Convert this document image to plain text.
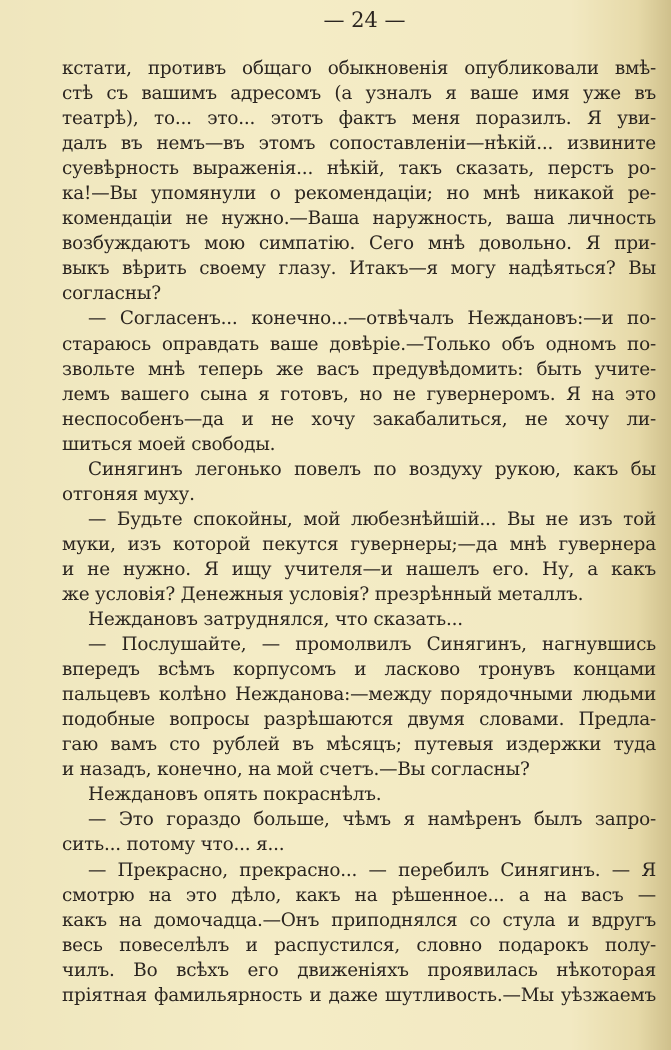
— 24 —
кстати, противъ общаго обыкновенія опубликовали вмѣ-
стѣ съ вашимъ адресомъ (а узналъ я ваше имя уже въ
театрѣ), то... это... этотъ фактъ меня поразилъ. Я уви-
далъ въ немъ—въ этомъ сопоставленіи—нѣкій... извините
суевѣрность выраженія... нѣкій, такъ сказать, перстъ ро-
ка!—Вы упомянули о рекомендаціи; но мнѣ никакой ре-
комендаціи не нужно.—Ваша наружность, ваша личность
возбуждаютъ мою симпатію. Сего мнѣ довольно. Я при-
выкъ вѣрить своему глазу. Итакъ—я могу надѣяться? Вы
согласны?
— Согласенъ... конечно...—отвѣчалъ Неждановъ:—и по-
стараюсь оправдать ваше довѣріе.—Только объ одномъ по-
звольте мнѣ теперь же васъ предувѣдомить: быть учите-
лемъ вашего сына я готовъ, но не гувернеромъ. Я на это
неспособенъ—да и не хочу закабалиться, не хочу ли-
шиться моей свободы.
Синягинъ легонько повелъ по воздуху рукою, какъ бы
отгоняя муху.
— Будьте спокойны, мой любезнѣйшій... Вы не изъ той
муки, изъ которой пекутся гувернеры;—да мнѣ гувернера
и не нужно. Я ищу учителя—и нашелъ его. Ну, а какъ
же условія? Денежныя условія? презрѣнный металлъ.
Неждановъ затруднялся, что сказать...
— Послушайте, — промолвилъ Синягинъ, нагнувшись
впередъ всѣмъ корпусомъ и ласково тронувъ концами
пальцевъ колѣно Нежданова:—между порядочными людьми
подобные вопросы разрѣшаются двумя словами. Предла-
гаю вамъ сто рублей въ мѣсяцъ; путевыя издержки туда
и назадъ, конечно, на мой счетъ.—Вы согласны?
Неждановъ опять покраснѣлъ.
— Это гораздо больше, чѣмъ я намѣренъ былъ запро-
сить... потому что... я...
— Прекрасно, прекрасно... — перебилъ Синягинъ. — Я
смотрю на это дѣло, какъ на рѣшенное... а на васъ —
какъ на домочадца.—Онъ приподнялся со стула и вдругъ
весь повеселѣлъ и распустился, словно подарокъ полу-
чилъ. Во всѣхъ его движеніяхъ проявилась нѣкоторая
пріятная фамильярность и даже шутливость.—Мы уѣзжаемъ
